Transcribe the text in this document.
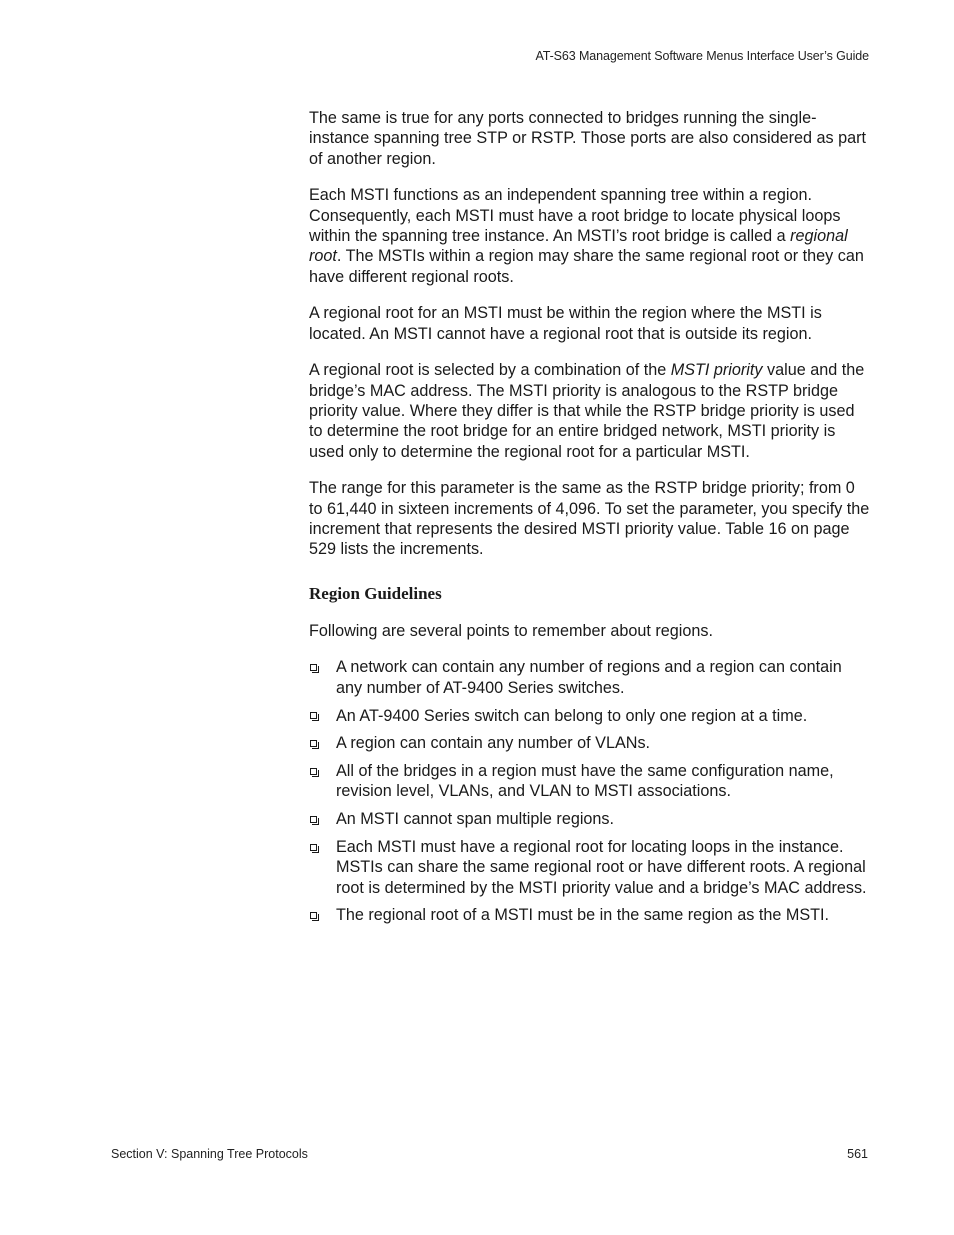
AT-S63 Management Software Menus Interface User’s Guide

The same is true for any ports connected to bridges running the single-instance spanning tree STP or RSTP. Those ports are also considered as part of another region.

Each MSTI functions as an independent spanning tree within a region. Consequently, each MSTI must have a root bridge to locate physical loops within the spanning tree instance. An MSTI’s root bridge is called a regional root. The MSTIs within a region may share the same regional root or they can have different regional roots.

A regional root for an MSTI must be within the region where the MSTI is located. An MSTI cannot have a regional root that is outside its region.

A regional root is selected by a combination of the MSTI priority value and the bridge’s MAC address. The MSTI priority is analogous to the RSTP bridge priority value. Where they differ is that while the RSTP bridge priority is used to determine the root bridge for an entire bridged network, MSTI priority is used only to determine the regional root for a particular MSTI.

The range for this parameter is the same as the RSTP bridge priority; from 0 to 61,440 in sixteen increments of 4,096. To set the parameter, you specify the increment that represents the desired MSTI priority value. Table 16 on page 529 lists the increments.

Region Guidelines

Following are several points to remember about regions.

A network can contain any number of regions and a region can contain any number of AT-9400 Series switches.
An AT-9400 Series switch can belong to only one region at a time.
A region can contain any number of VLANs.
All of the bridges in a region must have the same configuration name, revision level, VLANs, and VLAN to MSTI associations.
An MSTI cannot span multiple regions.
Each MSTI must have a regional root for locating loops in the instance. MSTIs can share the same regional root or have different roots. A regional root is determined by the MSTI priority value and a bridge’s MAC address.
The regional root of a MSTI must be in the same region as the MSTI.
Section V: Spanning Tree Protocols	561
